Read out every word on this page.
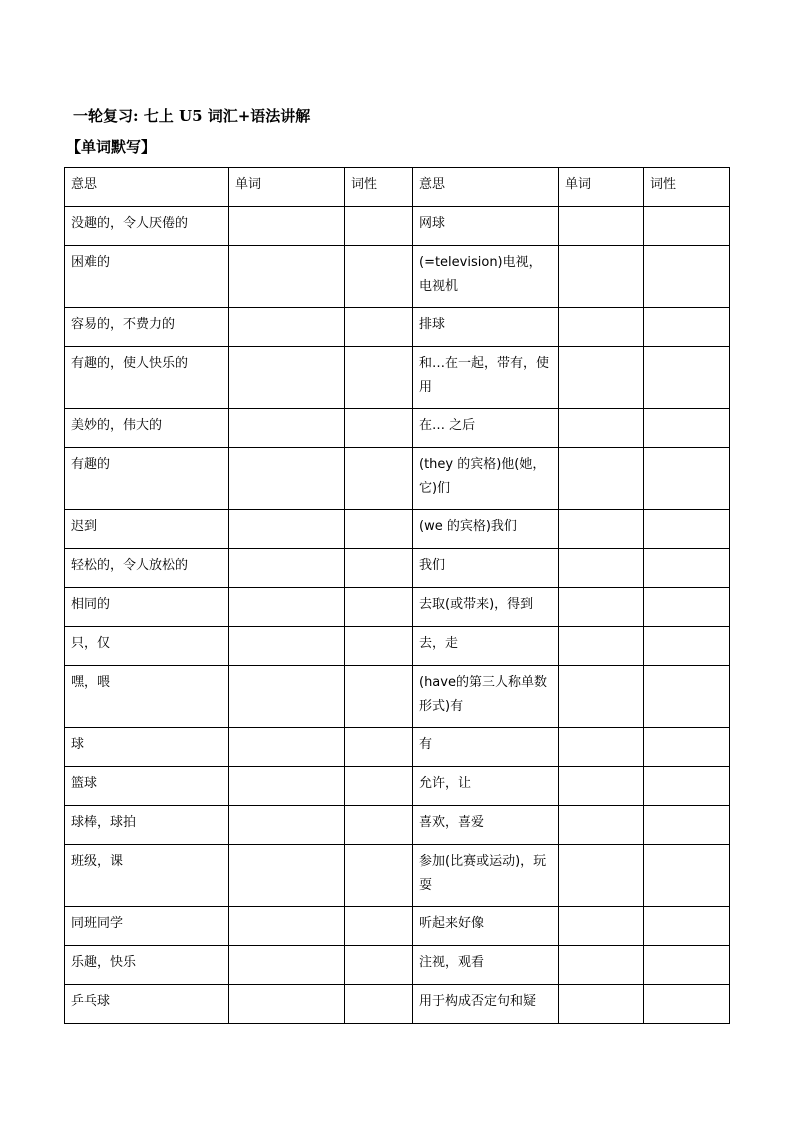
一轮复习: 七上 U5 词汇+语法讲解
【单词默写】
意思	单词	词性	意思	单词	词性
没趣的，令人厌倦的			网球		
困难的			(=television)电视，电视机		
容易的，不费力的			排球		
有趣的，使人快乐的			和…在一起，带有，使用		
美妙的，伟大的			在… 之后		
有趣的			(they 的宾格)他(她，它)们		
迟到			(we 的宾格)我们		
轻松的，令人放松的			我们		
相同的			去取(或带来)，得到		
只，仅			去，走		
嘿，喂			(have的第三人称单数形式)有		
球			有		
篮球			允许，让		
球棒，球拍			喜欢，喜爱		
班级，课			参加(比赛或运动)，玩耍		
同班同学			听起来好像		
乐趣，快乐			注视，观看		
乒乓球			用于构成否定句和疑		
